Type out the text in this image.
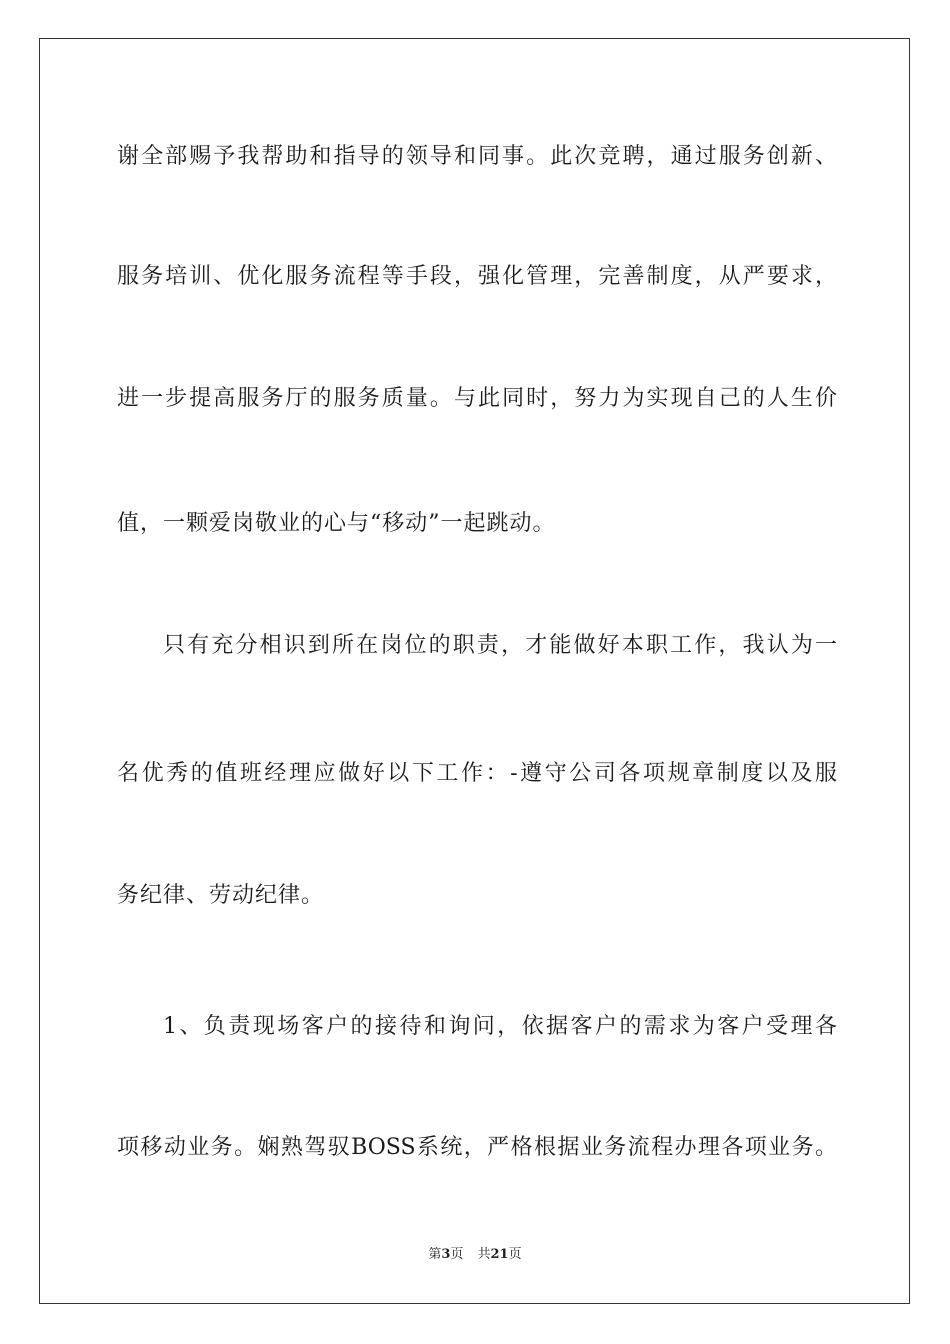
谢全部赐予我帮助和指导的领导和同事。此次竞聘，通过服务创新、
服务培训、优化服务流程等手段，强化管理，完善制度，从严要求，
进一步提高服务厅的服务质量。与此同时，努力为实现自己的人生价
值，一颗爱岗敬业的心与“移动”一起跳动。
只有充分相识到所在岗位的职责，才能做好本职工作，我认为一
名优秀的值班经理应做好以下工作：-遵守公司各项规章制度以及服
务纪律、劳动纪律。
1、负责现场客户的接待和询问，依据客户的需求为客户受理各
项移动业务。娴熟驾驭BOSS系统，严格根据业务流程办理各项业务。
第3页 共21页
